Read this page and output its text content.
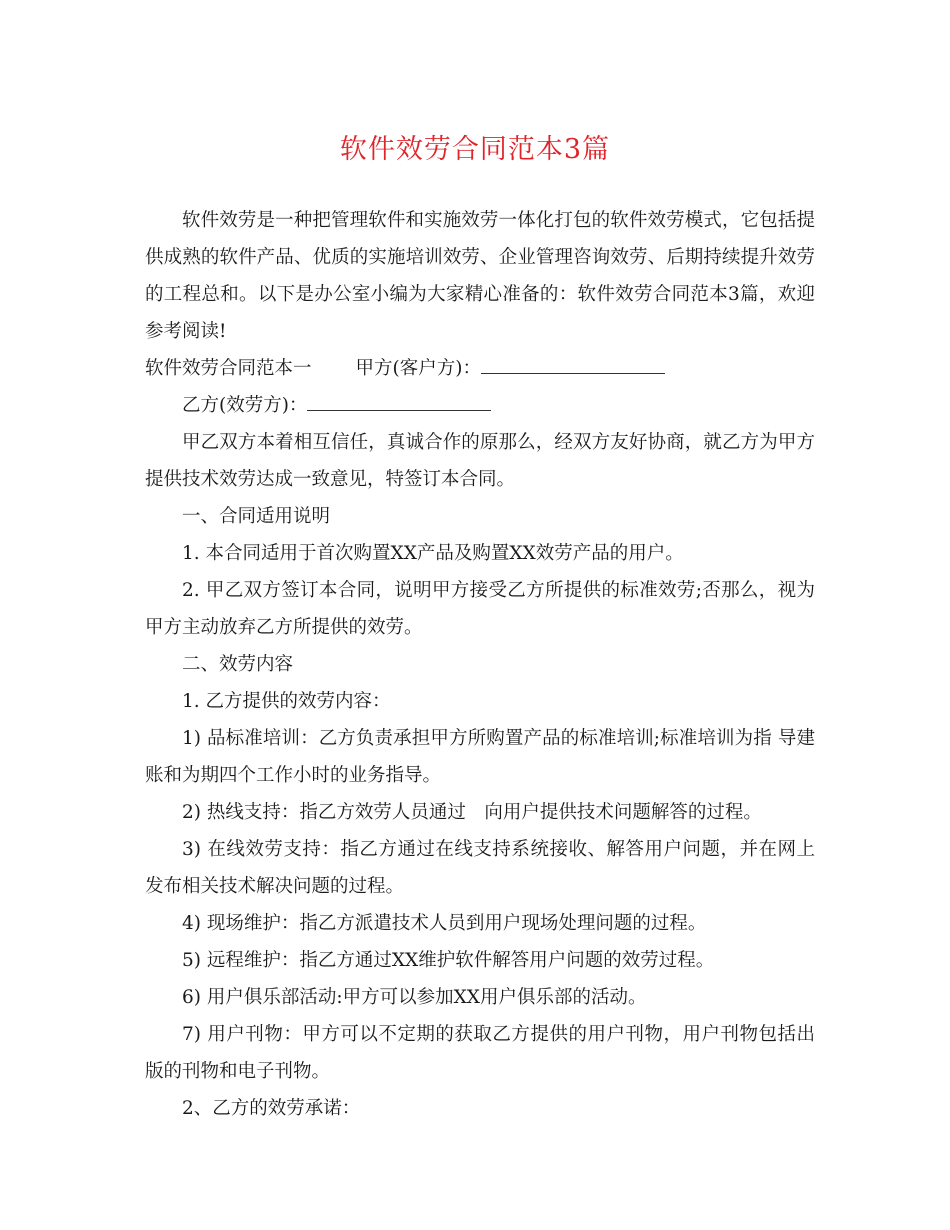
软件效劳合同范本3篇

软件效劳是一种把管理软件和实施效劳一体化打包的软件效劳模式，它包括提供成熟的软件产品、优质的实施培训效劳、企业管理咨询效劳、后期持续提升效劳的工程总和。以下是办公室小编为大家精心准备的：软件效劳合同范本3篇，欢迎参考阅读!

软件效劳合同范本一 甲方(客户方)：

乙方(效劳方)：

甲乙双方本着相互信任，真诚合作的原那么，经双方友好协商，就乙方为甲方提供技术效劳达成一致意见，特签订本合同。

一、合同适用说明

1. 本合同适用于首次购置XX产品及购置XX效劳产品的用户。

2. 甲乙双方签订本合同，说明甲方接受乙方所提供的标准效劳;否那么，视为甲方主动放弃乙方所提供的效劳。

二、效劳内容

1. 乙方提供的效劳内容：

1) 品标准培训：乙方负责承担甲方所购置产品的标准培训;标准培训为指 导建账和为期四个工作小时的业务指导。

2) 热线支持：指乙方效劳人员通过　向用户提供技术问题解答的过程。

3) 在线效劳支持：指乙方通过在线支持系统接收、解答用户问题，并在网上发布相关技术解决问题的过程。

4) 现场维护：指乙方派遣技术人员到用户现场处理问题的过程。

5) 远程维护：指乙方通过XX维护软件解答用户问题的效劳过程。

6) 用户俱乐部活动:甲方可以参加XX用户俱乐部的活动。

7) 用户刊物：甲方可以不定期的获取乙方提供的用户刊物，用户刊物包括出版的刊物和电子刊物。

2、乙方的效劳承诺：
